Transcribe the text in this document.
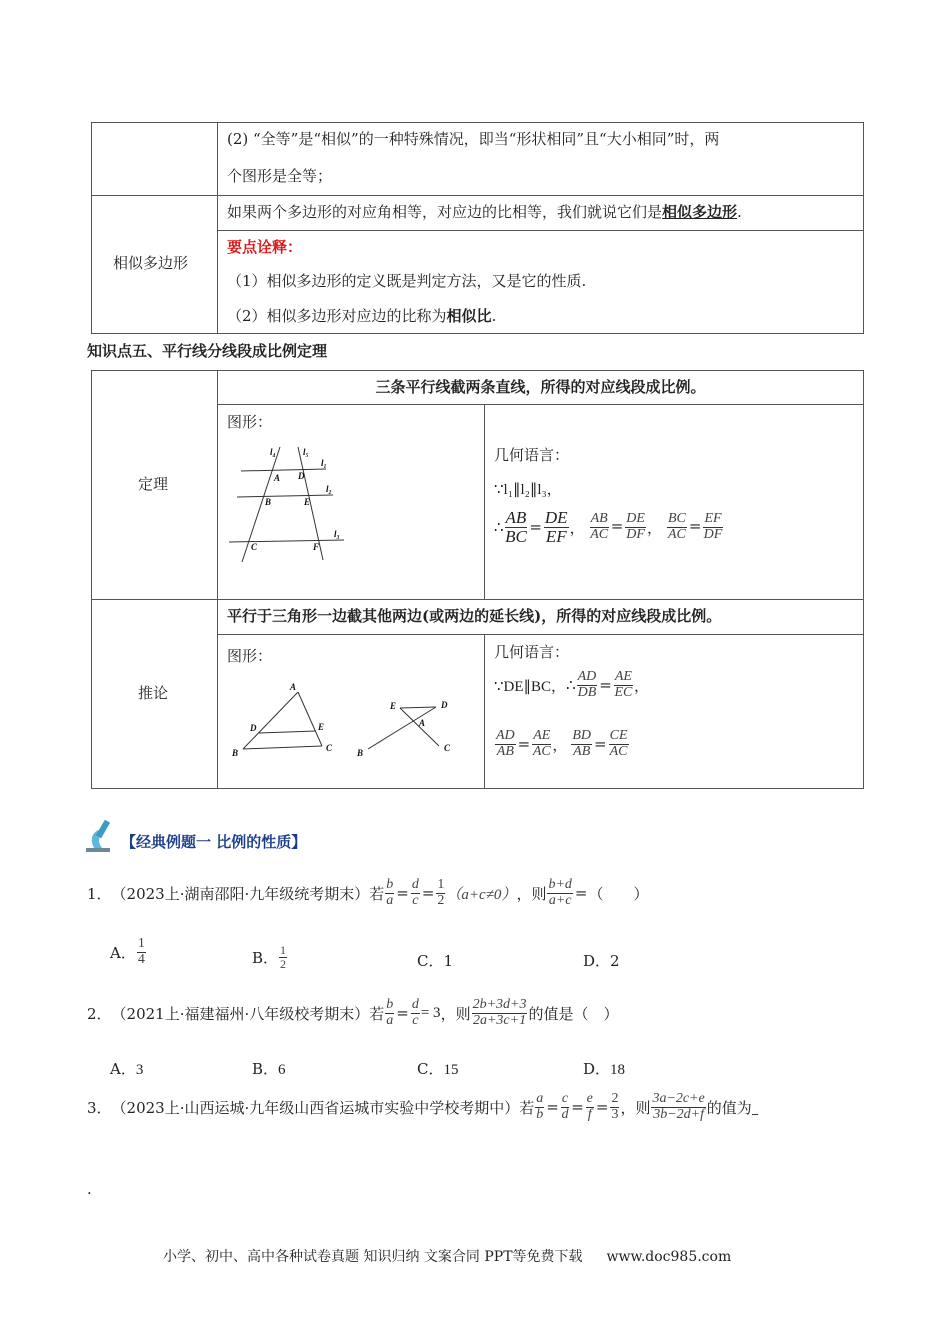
(2) “全等”是“相似”的一种特殊情况，即当“形状相同”且“大小相同”时，两
个图形是全等；
相似多边形
如果两个多边形的对应角相等，对应边的比相等，我们就说它们是相似多边形.
要点诠释：
（1）相似多边形的定义既是判定方法，又是它的性质.
（2）相似多边形对应边的比称为相似比.
知识点五、平行线分线段成比例定理
定理
三条平行线截两条直线，所得的对应线段成比例。
图形：
l₄	l₅
l₁
l₂
l₃
A D
B	E
C	F
几何语言：
∵l₁∥l₂∥l₃，
∴ $\frac{AB}{BC} = \frac{DE}{EF}$ ， $\frac{AB}{AC} = \frac{DE}{DF}$ ， $\frac{BC}{AC} = \frac{EF}{DF}$
推论
平行于三角形一边截其他两边(或两边的延长线)，所得的对应线段成比例。
图形：
A
B	C
D	E
E	D
A
B	C
几何语言：
∵DE∥BC， ∴ $\frac{AD}{DB} = \frac{AE}{EC}$ ，
$\frac{AD}{AB} = \frac{AE}{AC}$ ， $\frac{BD}{AB} = \frac{CE}{AC}$
【经典例题一 比例的性质】
1． （2023上·湖南邵阳·九年级统考期末）若 $\frac{b}{a} = \frac{d}{c} = \frac{1}{2} (a+c\ne 0)$ ，则 $\frac{b+d}{a+c}$ = （　　）
A． $\frac{1}{4}$	B． $\frac{1}{2}$	C．1	D．2
2． （2021上·福建福州·八年级校考期末）若 $\frac{b}{a} = \frac{d}{c} = 3$ ，则 $\frac{2b+3d+3}{2a+3c+1}$ 的值是（　）
A．3	B．6	C．15	D．18
3． （2023上·山西运城·九年级山西省运城市实验中学校考期中）若 $\frac{a}{b} = \frac{c}{d} = \frac{e}{f} = \frac{2}{3}$ ，则 $\frac{3a-2c+e}{3b-2d+f}$ 的值为
.
小学、初中、高中各种试卷真题 知识归纳 文案合同 PPT等免费下载 www.doc985.com
